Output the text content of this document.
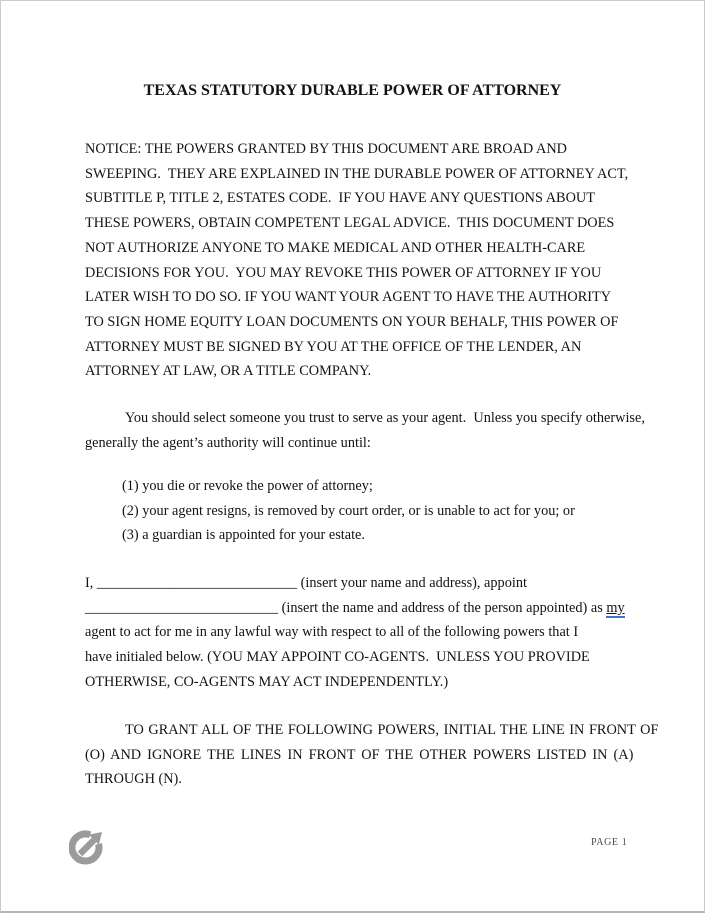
TEXAS STATUTORY DURABLE POWER OF ATTORNEY
NOTICE: THE POWERS GRANTED BY THIS DOCUMENT ARE BROAD AND
SWEEPING.  THEY ARE EXPLAINED IN THE DURABLE POWER OF ATTORNEY ACT,
SUBTITLE P, TITLE 2, ESTATES CODE.  IF YOU HAVE ANY QUESTIONS ABOUT
THESE POWERS, OBTAIN COMPETENT LEGAL ADVICE.  THIS DOCUMENT DOES
NOT AUTHORIZE ANYONE TO MAKE MEDICAL AND OTHER HEALTH-CARE
DECISIONS FOR YOU.  YOU MAY REVOKE THIS POWER OF ATTORNEY IF YOU
LATER WISH TO DO SO. IF YOU WANT YOUR AGENT TO HAVE THE AUTHORITY
TO SIGN HOME EQUITY LOAN DOCUMENTS ON YOUR BEHALF, THIS POWER OF
ATTORNEY MUST BE SIGNED BY YOU AT THE OFFICE OF THE LENDER, AN
ATTORNEY AT LAW, OR A TITLE COMPANY.
You should select someone you trust to serve as your agent.  Unless you specify otherwise,
generally the agent’s authority will continue until:
(1) you die or revoke the power of attorney;
(2) your agent resigns, is removed by court order, or is unable to act for you; or
(3) a guardian is appointed for your estate.
I, ____________________________ (insert your name and address), appoint
___________________________ (insert the name and address of the person appointed) as my
agent to act for me in any lawful way with respect to all of the following powers that I
have initialed below. (YOU MAY APPOINT CO-AGENTS.  UNLESS YOU PROVIDE
OTHERWISE, CO-AGENTS MAY ACT INDEPENDENTLY.)
TO GRANT ALL OF THE FOLLOWING POWERS, INITIAL THE LINE IN FRONT OF
(O) AND IGNORE THE LINES IN FRONT OF THE OTHER POWERS LISTED IN (A)
THROUGH (N).
PAGE 1
